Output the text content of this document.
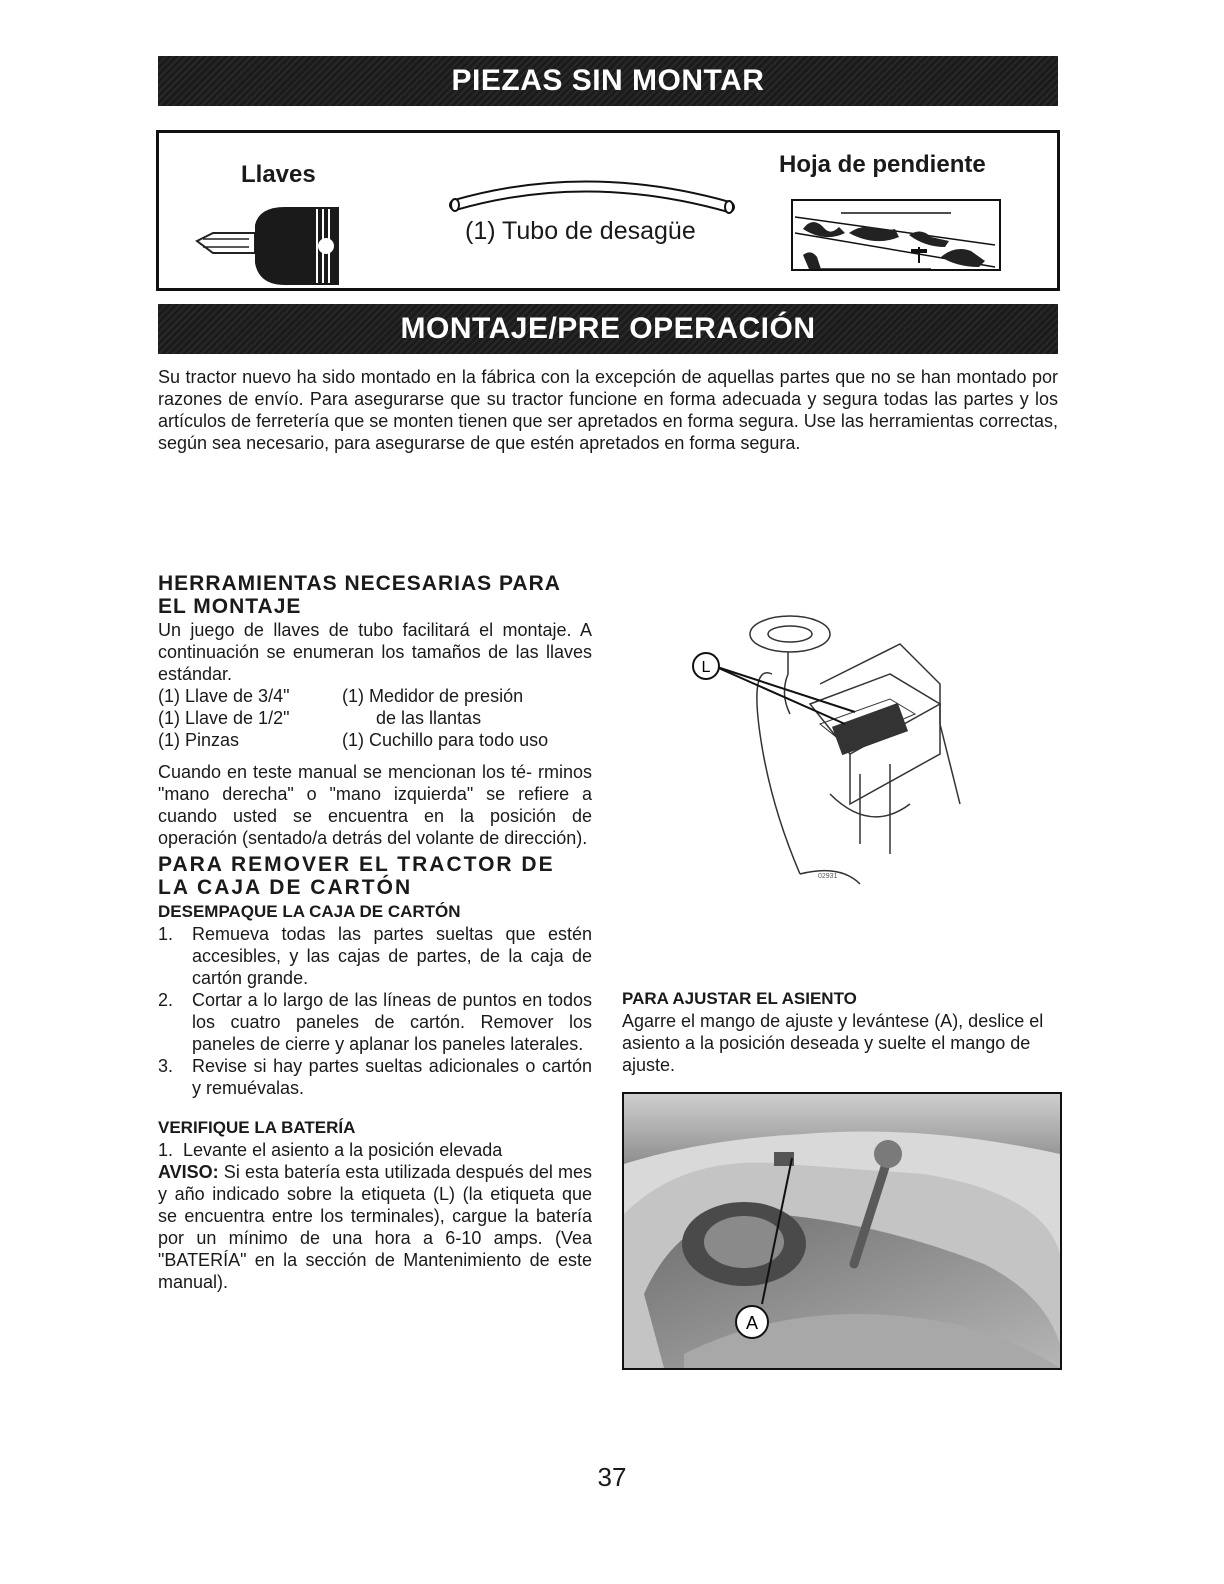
PIEZAS SIN MONTAR
Llaves
(1) Tubo de desagüe
Hoja de pendiente
MONTAJE/PRE OPERACIÓN
Su tractor nuevo ha sido montado en la fábrica con la excepción de aquellas partes que no se han montado por razones de envío. Para asegurarse que su tractor funcione en forma adecuada y segura todas las partes y los artículos de ferretería que se monten tienen que ser apretados en forma segura. Use las herramientas correctas, según sea necesario, para asegurarse de que estén apretados en forma segura.

HERRAMIENTAS NECESARIAS PARA

EL MONTAJE

Un juego de llaves de tubo facilitará el montaje. A continuación se enumeran los tamaños de las llaves estándar.

(1) Llave de 3/4"	(1) Medidor de presión
(1) Llave de 1/2"	de las llantas
(1) Pinzas	(1) Cuchillo para todo uso

Cuando en teste manual se mencionan los té- rminos "mano derecha" o "mano izquierda" se refiere a cuando usted se encuentra en la posición de operación (sentado/a detrás del volante de dirección).

PARA REMOVER EL TRACTOR DE

LA CAJA DE CARTÓN

DESEMPAQUE LA CAJA DE CARTÓN

1.	Remueva todas las partes sueltas que estén accesibles, y las cajas de partes, de la caja de cartón grande.
2.	Cortar a lo largo de las líneas de puntos en todos los cuatro paneles de cartón. Remover los paneles de cierre y aplanar los paneles laterales.
3.	Revise si hay partes sueltas adicionales o cartón y remuévalas.

VERIFIQUE LA BATERÍA

1.  Levante el asiento a la posición elevada

AVISO: Si esta batería esta utilizada después del mes y año indicado sobre la etiqueta (L) (la etiqueta que se encuentra entre los terminales), cargue la batería por un mínimo de una hora a 6-10 amps. (Vea "BATERÍA" en la sección de Mantenimiento de este manual).

L
02931

PARA AJUSTAR EL ASIENTO

Agarre el mango de ajuste y levántese (A), deslice el asiento a la posición deseada y suelte el mango de ajuste.

A
37
